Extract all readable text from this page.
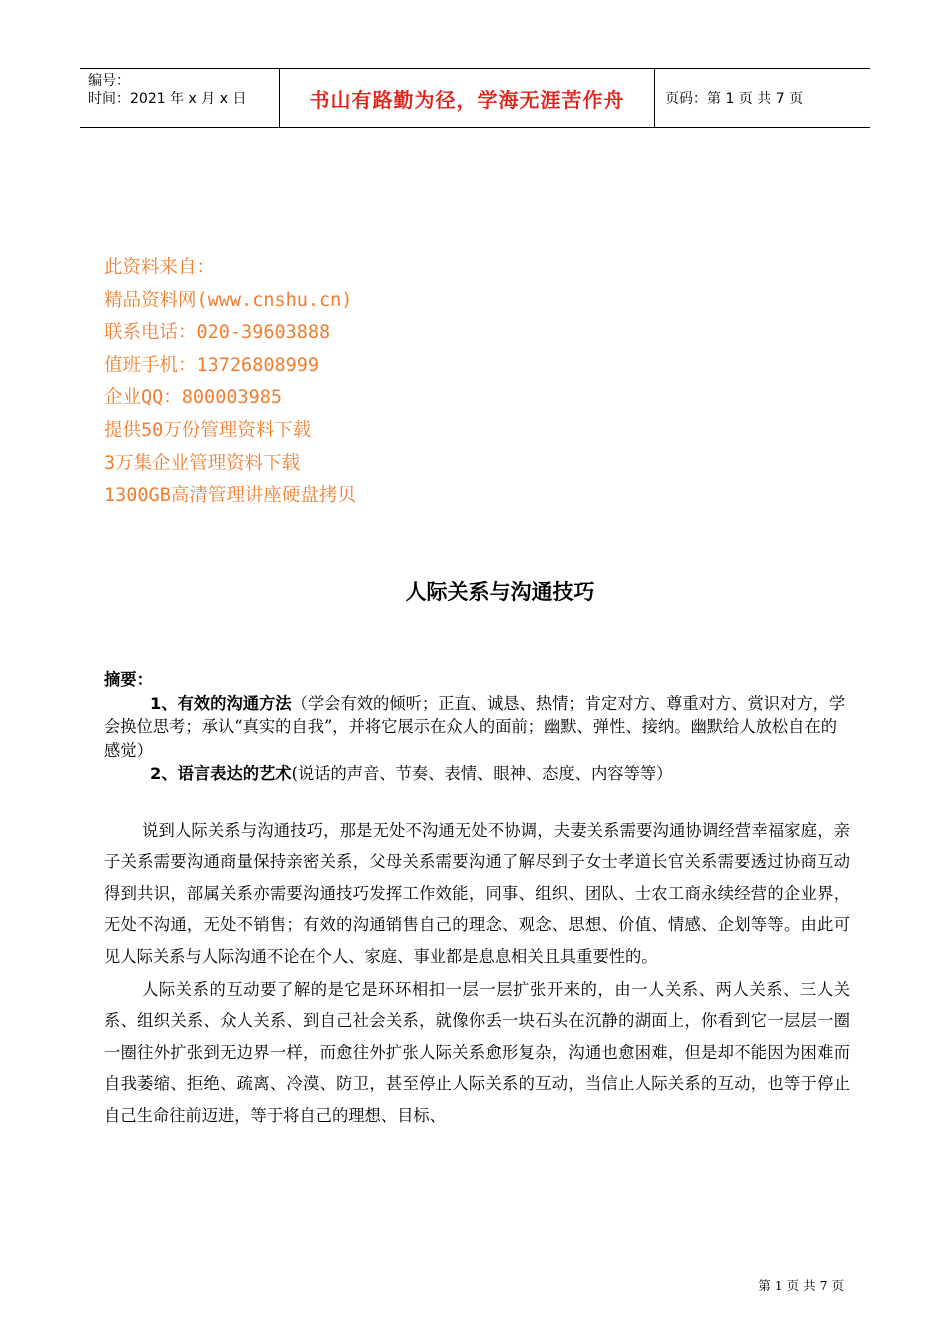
编号：
时间：2021 年 x 月 x 日	书山有路勤为径，学海无涯苦作舟	页码：第 1 页 共 7 页
此资料来自：
精品资料网(www.cnshu.cn)
联系电话：020-39603888
值班手机：13726808999
企业QQ：800003985
提供50万份管理资料下载
3万集企业管理资料下载
1300GB高清管理讲座硬盘拷贝
人际关系与沟通技巧
摘要：
1、有效的沟通方法（学会有效的倾听；正直、诚恳、热情；肯定对方、尊重对方、赏识对方，学会换位思考；承认“真实的自我”，并将它展示在众人的面前；幽默、弹性、接纳。幽默给人放松自在的感觉）
2、语言表达的艺术(说话的声音、节奏、表情、眼神、态度、内容等等）

说到人际关系与沟通技巧，那是无处不沟通无处不协调，夫妻关系需要沟通协调经营幸福家庭，亲子关系需要沟通商量保持亲密关系，父母关系需要沟通了解尽到子女士孝道长官关系需要透过协商互动得到共识，部属关系亦需要沟通技巧发挥工作效能，同事、组织、团队、士农工商永续经营的企业界，无处不沟通，无处不销售；有效的沟通销售自己的理念、观念、思想、价值、情感、企划等等。由此可见人际关系与人际沟通不论在个人、家庭、事业都是息息相关且具重要性的。

人际关系的互动要了解的是它是环环相扣一层一层扩张开来的，由一人关系、两人关系、三人关系、组织关系、众人关系、到自己社会关系，就像你丢一块石头在沉静的湖面上，你看到它一层层一圈一圈往外扩张到无边界一样，而愈往外扩张人际关系愈形复杂，沟通也愈困难，但是却不能因为困难而自我萎缩、拒绝、疏离、冷漠、防卫，甚至停止人际关系的互动，当信止人际关系的互动，也等于停止自己生命往前迈进，等于将自己的理想、目标、

第 1 页 共 7 页
